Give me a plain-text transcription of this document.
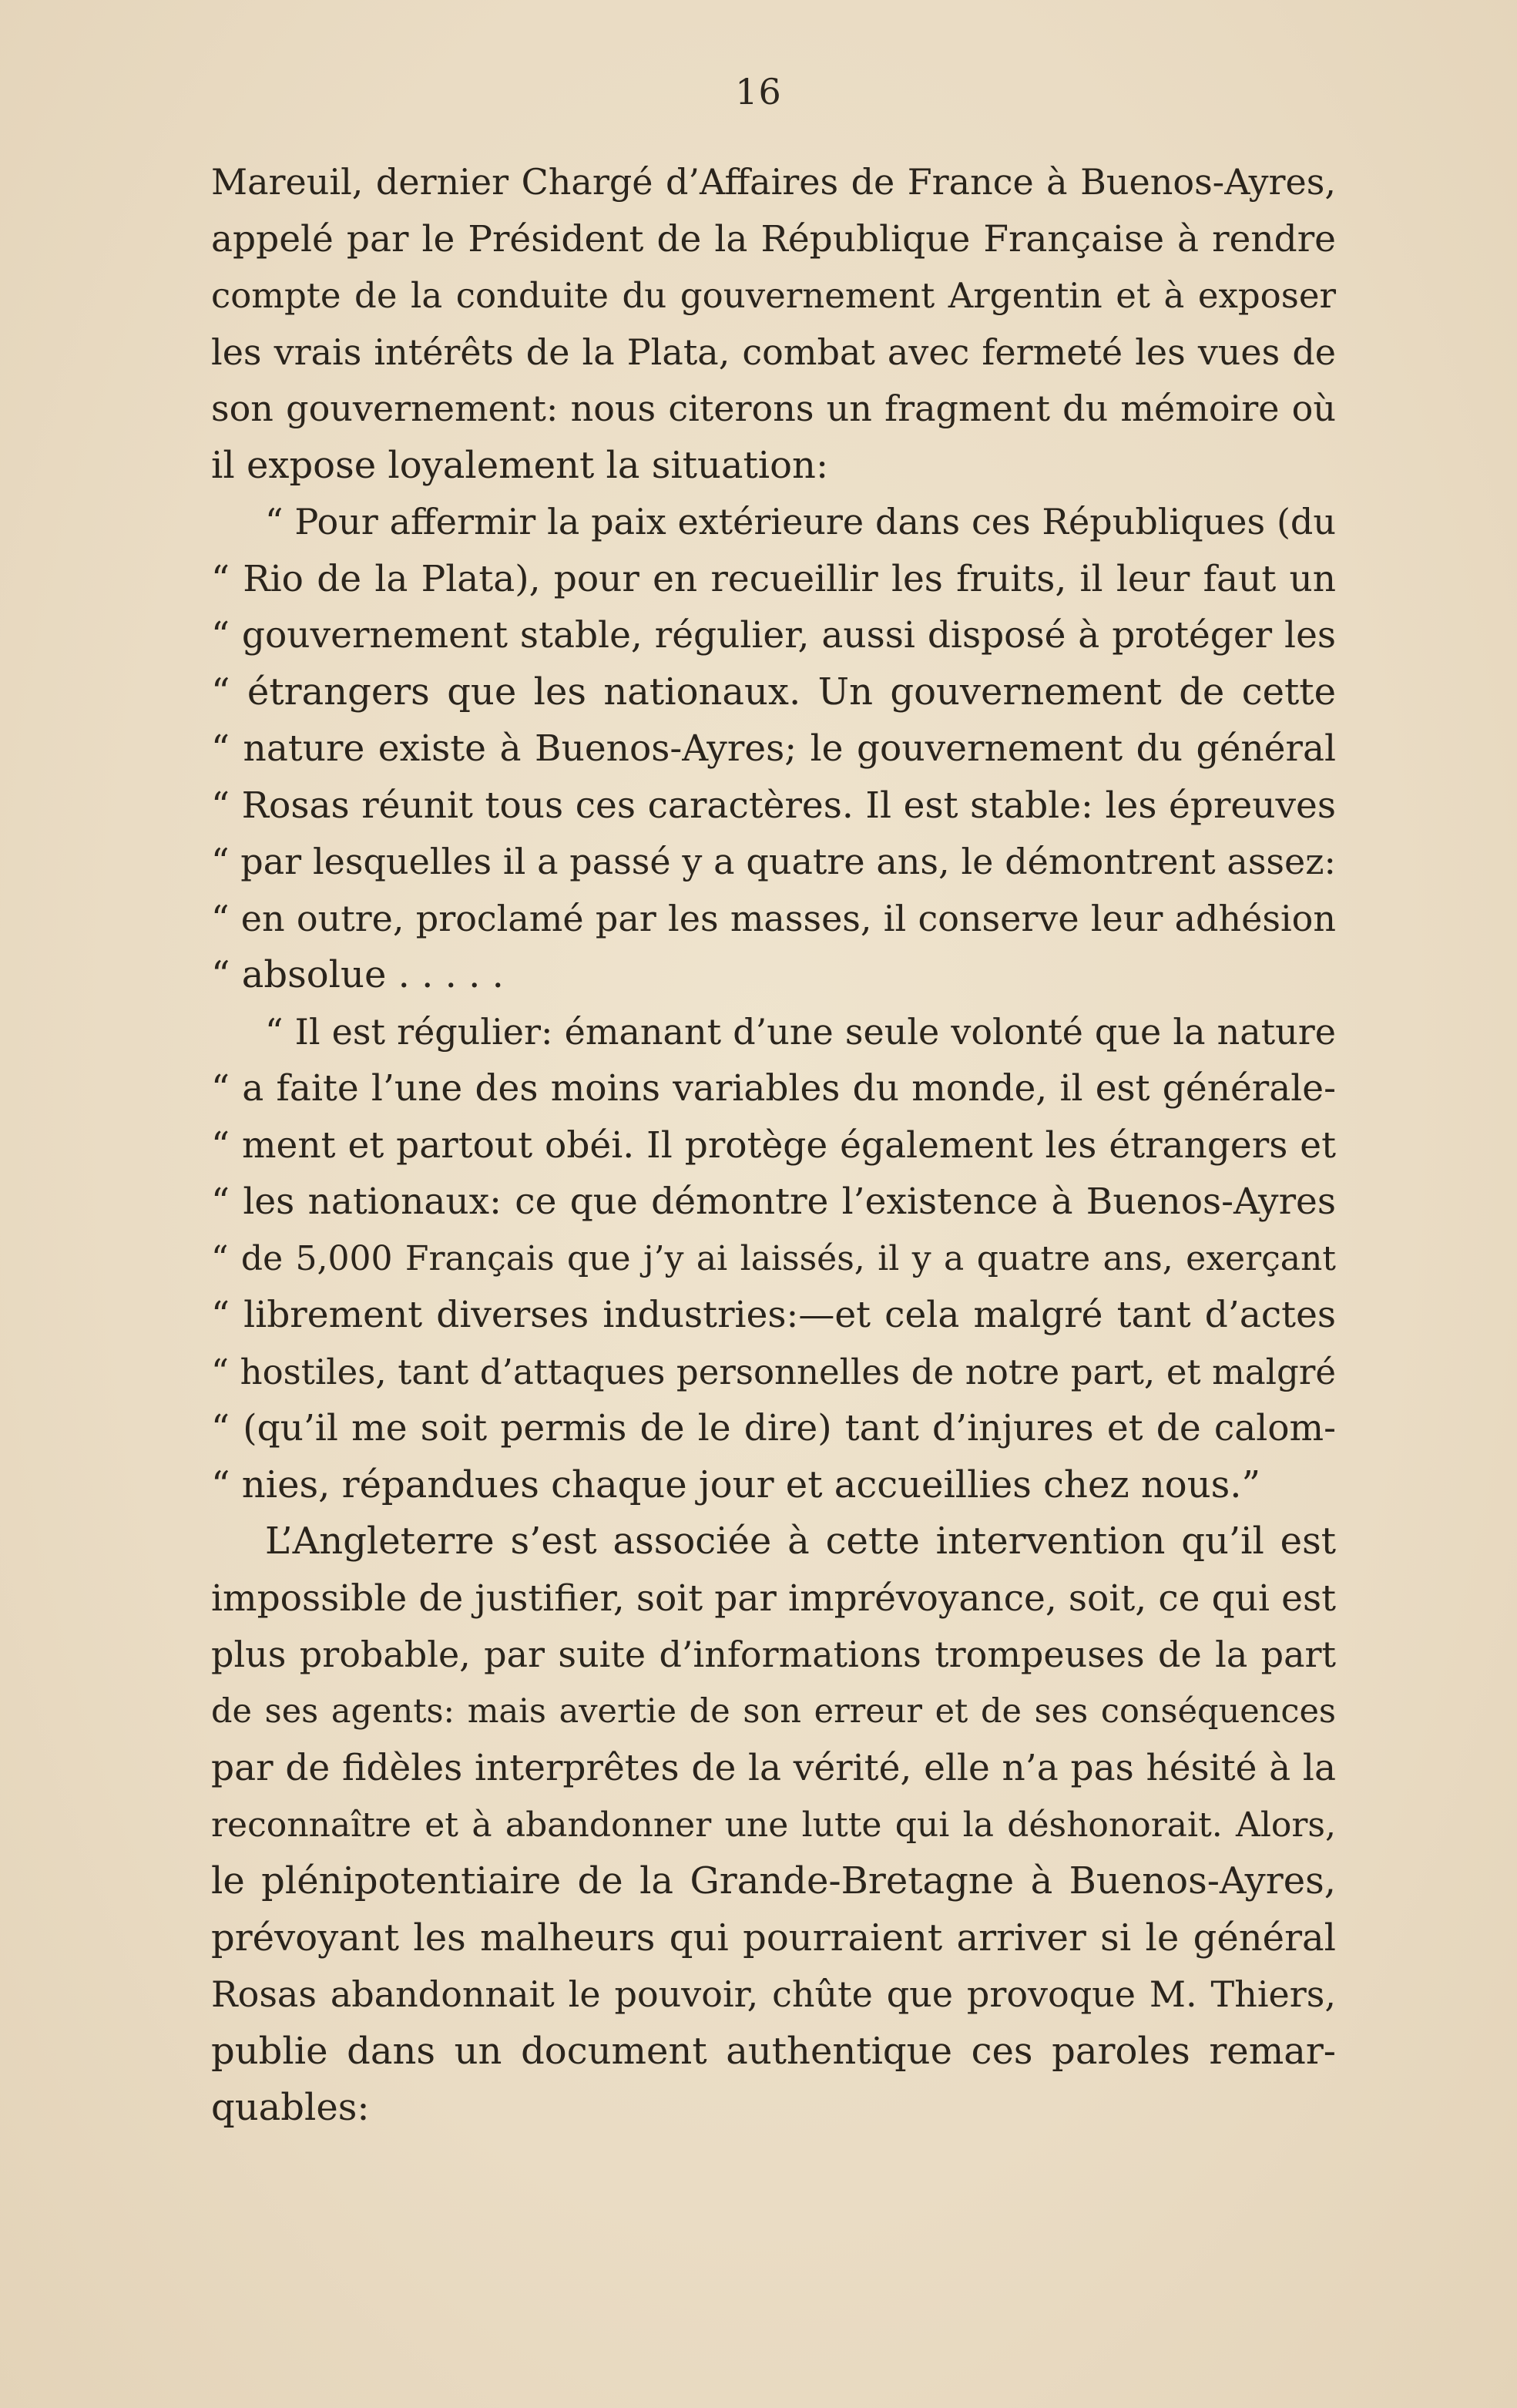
16
Mareuil, dernier Chargé d’Affaires de France à Buenos-Ayres,
appelé par le Président de la République Française à rendre
compte de la conduite du gouvernement Argentin et à exposer
les vrais intérêts de la Plata, combat avec fermeté les vues de
son gouvernement: nous citerons un fragment du mémoire où
il expose loyalement la situation:
“ Pour affermir la paix extérieure dans ces Républiques (du
“ Rio de la Plata), pour en recueillir les fruits, il leur faut un
“ gouvernement stable, régulier, aussi disposé à protéger les
“ étrangers que les nationaux. Un gouvernement de cette
“ nature existe à Buenos-Ayres; le gouvernement du général
“ Rosas réunit tous ces caractères. Il est stable: les épreuves
“ par lesquelles il a passé y a quatre ans, le démontrent assez:
“ en outre, proclamé par les masses, il conserve leur adhésion
“ absolue . . . . .
“ Il est régulier: émanant d’une seule volonté que la nature
“ a faite l’une des moins variables du monde, il est générale-
“ ment et partout obéi. Il protège également les étrangers et
“ les nationaux: ce que démontre l’existence à Buenos-Ayres
“ de 5,000 Français que j’y ai laissés, il y a quatre ans, exerçant
“ librement diverses industries:—et cela malgré tant d’actes
“ hostiles, tant d’attaques personnelles de notre part, et malgré
“ (qu’il me soit permis de le dire) tant d’injures et de calom-
“ nies, répandues chaque jour et accueillies chez nous.”
L’Angleterre s’est associée à cette intervention qu’il est
impossible de justifier, soit par imprévoyance, soit, ce qui est
plus probable, par suite d’informations trompeuses de la part
de ses agents: mais avertie de son erreur et de ses conséquences
par de fidèles interprêtes de la vérité, elle n’a pas hésité à la
reconnaître et à abandonner une lutte qui la déshonorait. Alors,
le plénipotentiaire de la Grande-Bretagne à Buenos-Ayres,
prévoyant les malheurs qui pourraient arriver si le général
Rosas abandonnait le pouvoir, chûte que provoque M. Thiers,
publie dans un document authentique ces paroles remar-
quables:
